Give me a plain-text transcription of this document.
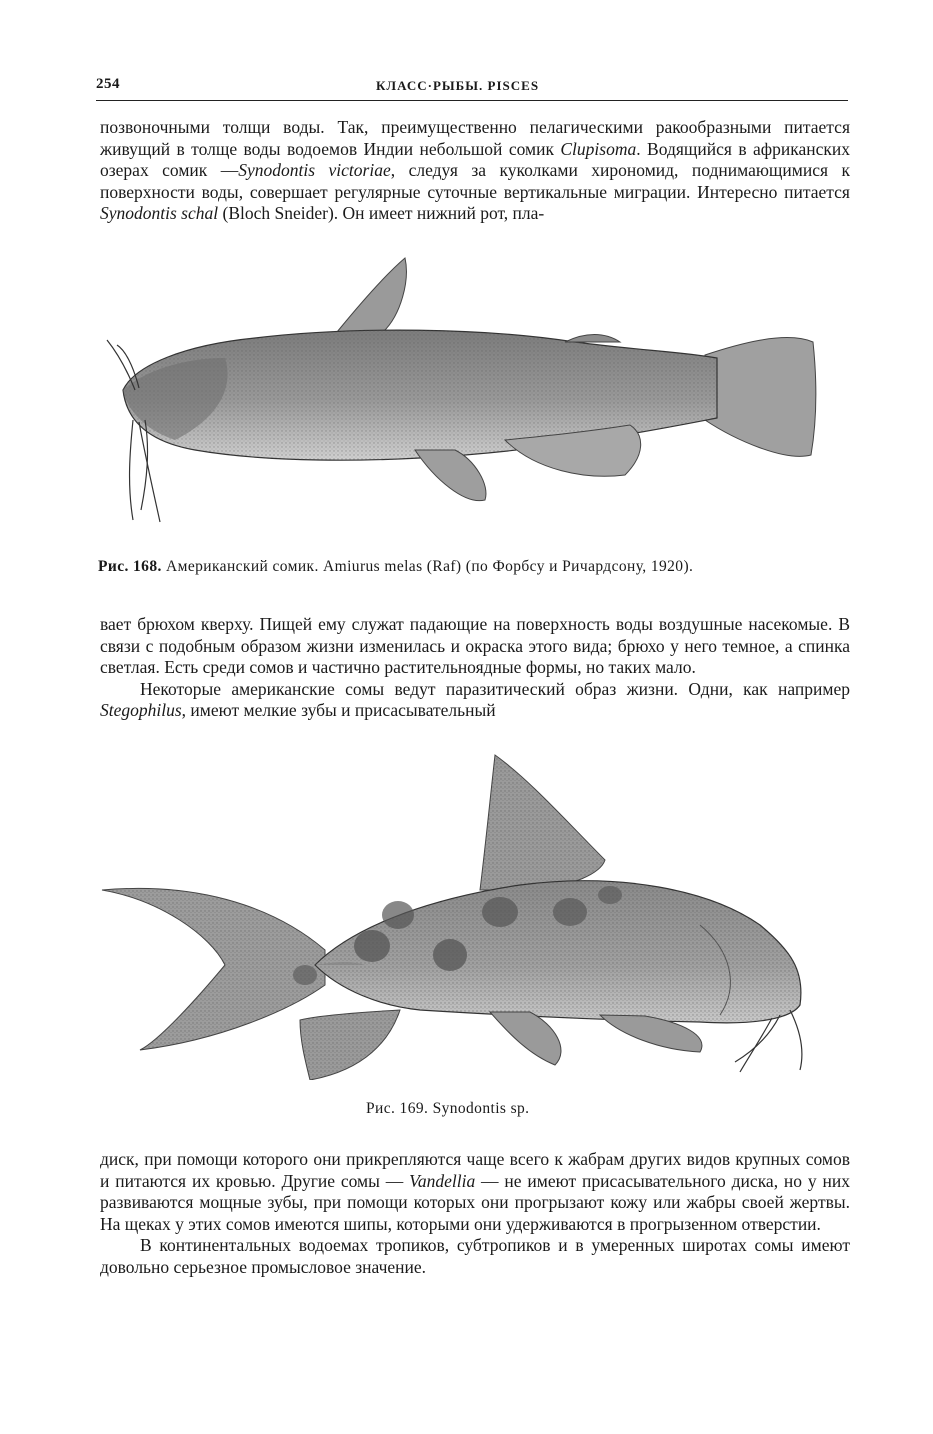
254	КЛАСС·РЫБЫ. PISCES

позвоночными толщи воды. Так, преимущественно пелагическими ракообразными питается живущий в толще воды водоемов Индии небольшой сомик Clupisoma. Водящийся в африканских озерах сомик —Synodontis victoriae, следуя за куколками хирономид, поднимающимися к поверхности воды, совершает регулярные суточные вертикальные миграции. Интересно питается Synodontis schal (Bloch Sneider). Он имеет нижний рот, пла-

Рис. 168. Американский сомик. Amiurus melas (Raf) (по Форбсу и Ричардсону, 1920).

вает брюхом кверху. Пищей ему служат падающие на поверхность воды воздушные насекомые. В связи с подобным образом жизни изменилась и окраска этого вида; брюхо у него темное, а спинка светлая. Есть среди сомов и частично растительноядные формы, но таких мало.

Некоторые американские сомы ведут паразитический образ жизни. Одни, как например Stegophilus, имеют мелкие зубы и присасывательный

Рис. 169. Synodontis sp.

диск, при помощи которого они прикрепляются чаще всего к жабрам других видов крупных сомов и питаются их кровью. Другие сомы — Vandellia — не имеют присасывательного диска, но у них развиваются мощные зубы, при помощи которых они прогрызают кожу или жабры своей жертвы. На щеках у этих сомов имеются шипы, которыми они удерживаются в прогрызенном отверстии.

В континентальных водоемах тропиков, субтропиков и в умеренных широтах сомы имеют довольно серьезное промысловое значение.
